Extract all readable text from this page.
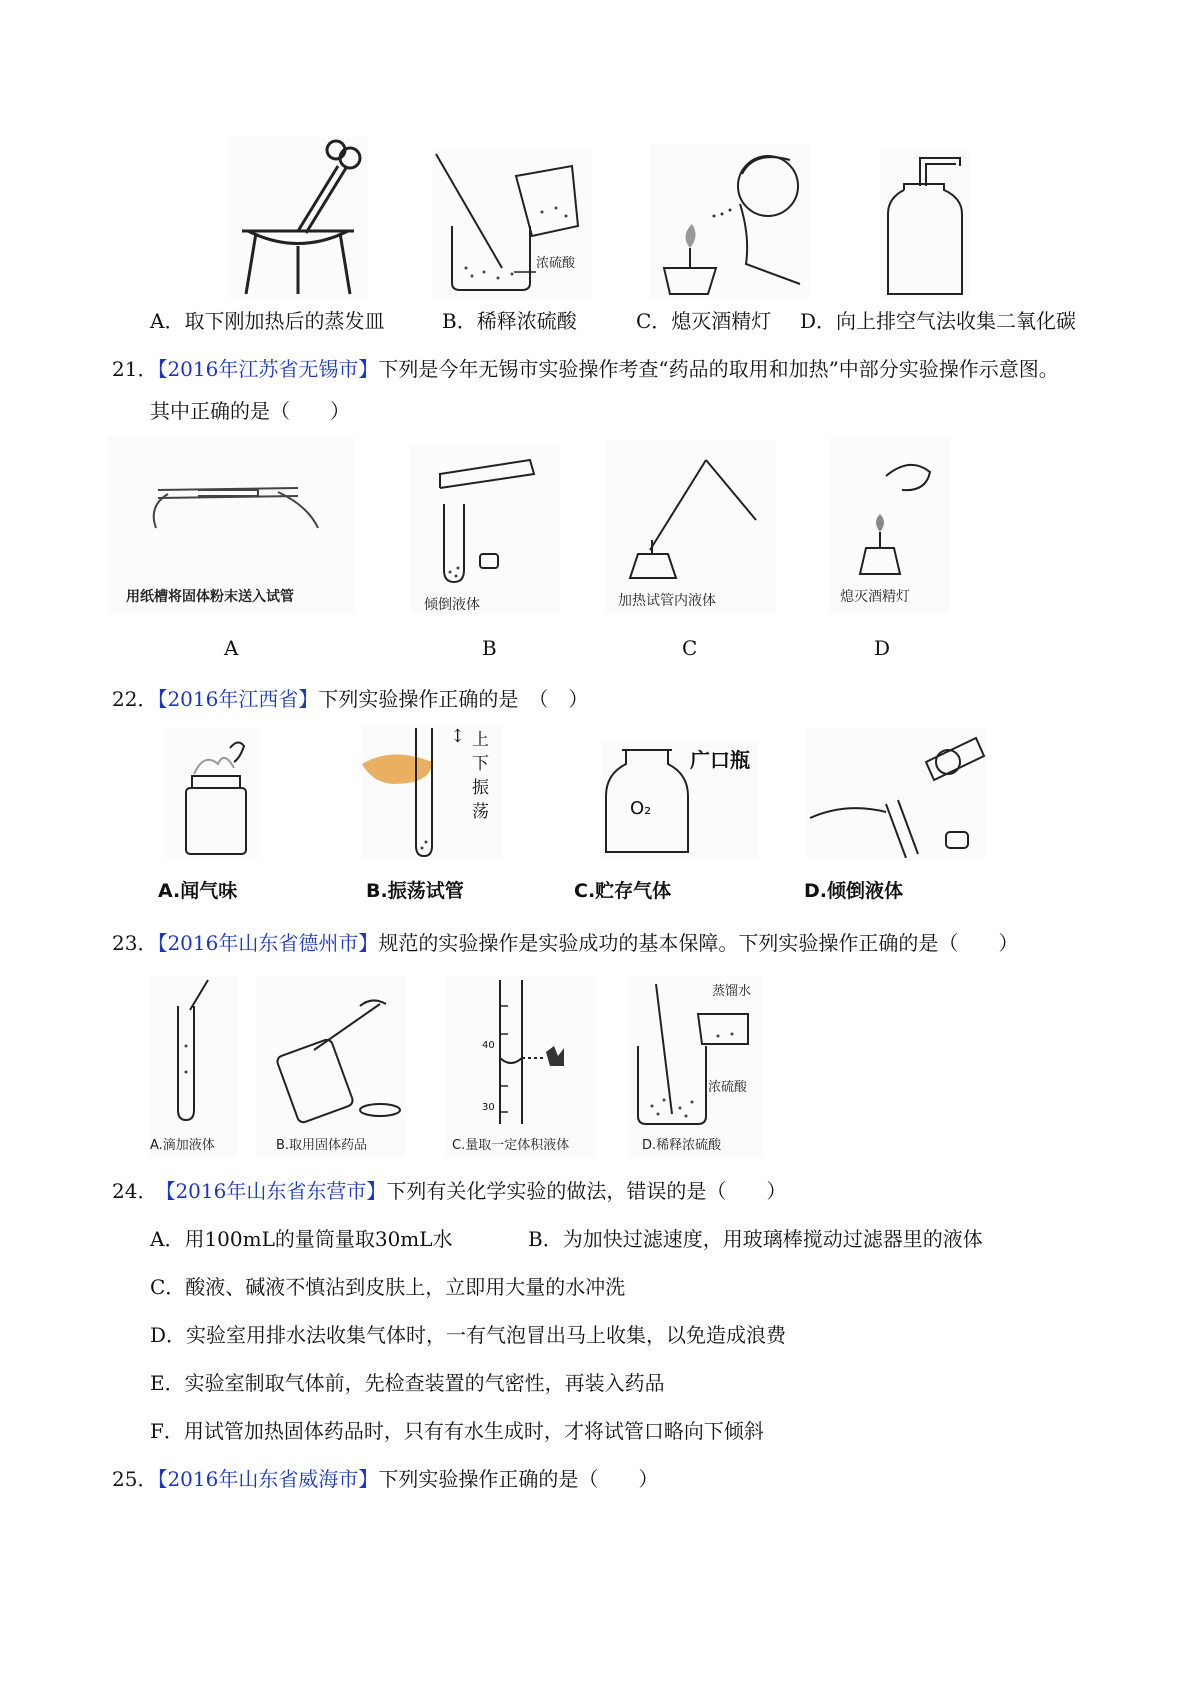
浓硫酸
A．取下刚加热后的蒸发皿	B．稀释浓硫酸	C．熄灭酒精灯 D．向上排空气法收集二氧化碳
21．【2016年江苏省无锡市】下列是今年无锡市实验操作考查“药品的取用和加热”中部分实验操作示意图。
其中正确的是（　　）
用纸槽将固体粉末送入试管	倾倒液体	加热试管内液体	熄灭酒精灯
A	B	C	D
22．【2016年江西省】下列实验操作正确的是　（　）
↕ 上
下
振
荡	O₂
广口瓶
A.闻气味	B.振荡试管	C.贮存气体	D.倾倒液体
23．【2016年山东省德州市】规范的实验操作是实验成功的基本保障。下列实验操作正确的是（　　）
A.滴加液体	B.取用固体药品
40
30
C.量取一定体积液体
蒸馏水
浓硫酸
D.稀释浓硫酸
24． 【2016年山东省东营市】下列有关化学实验的做法，错误的是（　　）
A．用100mL的量筒量取30mL水	B．为加快过滤速度，用玻璃棒搅动过滤器里的液体
C．酸液、碱液不慎沾到皮肤上，立即用大量的水冲洗
D．实验室用排水法收集气体时，一有气泡冒出马上收集，以免造成浪费
E．实验室制取气体前，先检查装置的气密性，再装入药品
F．用试管加热固体药品时，只有有水生成时，才将试管口略向下倾斜
25．【2016年山东省威海市】下列实验操作正确的是（　　）
